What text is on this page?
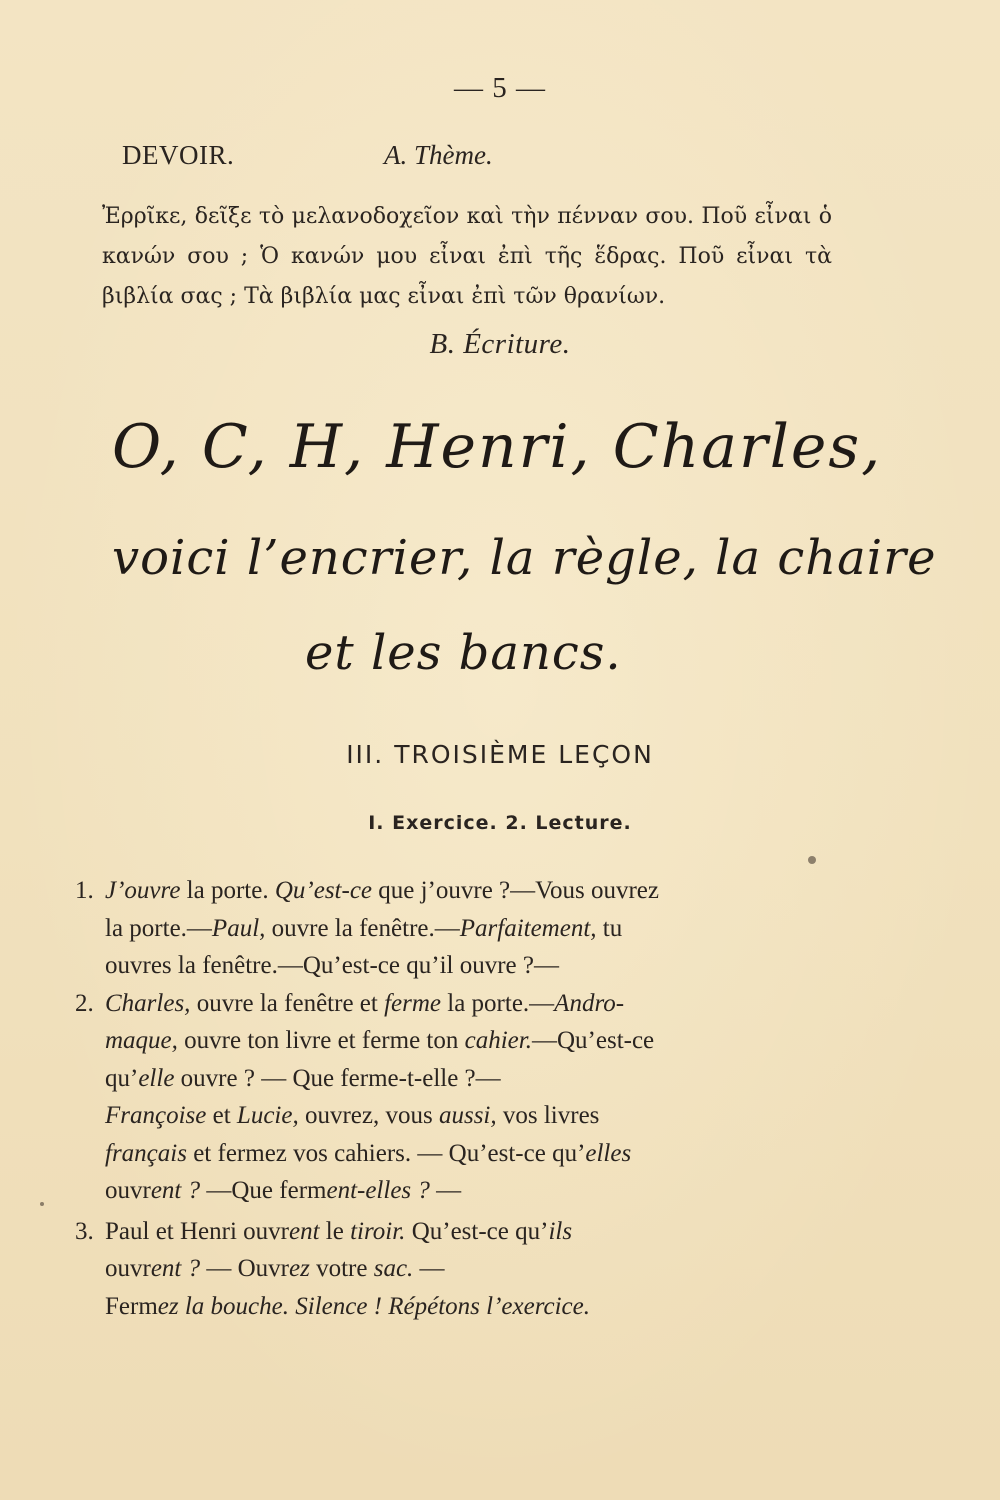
— 5 —
DEVOIR.	A. Thème.
Ἐρρῖκε, δεῖξε τὸ μελανοδοχεῖον καὶ τὴν πένναν σου. Ποῦ εἶναι ὁ κανών σου ; Ὁ κανών μου εἶναι ἐπὶ τῆς ἕδρας. Ποῦ εἶναι τὰ βιβλία σας ; Τὰ βιβλία μας εἶναι ἐπὶ τῶν θρανίων.
B. Écriture.
O, C, H, Henri, Charles,
voici l’encrier, la règle, la chaire
et les bancs.
III. TROISIÈME LEÇON
I. Exercice. 2. Lecture.
1. J’ouvre la porte. Qu’est-ce que j’ouvre ?—Vous ouvrez
la porte.—Paul, ouvre la fenêtre.—Parfaitement, tu
ouvres la fenêtre.—Qu’est-ce qu’il ouvre ?—
2. Charles, ouvre la fenêtre et ferme la porte.—Andro-
maque, ouvre ton livre et ferme ton cahier.—Qu’est-ce
qu’elle ouvre ? — Que ferme-t-elle ?—
Françoise et Lucie, ouvrez, vous aussi, vos livres
français et fermez vos cahiers. — Qu’est-ce qu’elles
ouvrent ? —Que ferment-elles ? —
3. Paul et Henri ouvrent le tiroir. Qu’est-ce qu’ils
ouvrent ? — Ouvrez votre sac. —
Fermez la bouche. Silence ! Répétons l’exercice.
